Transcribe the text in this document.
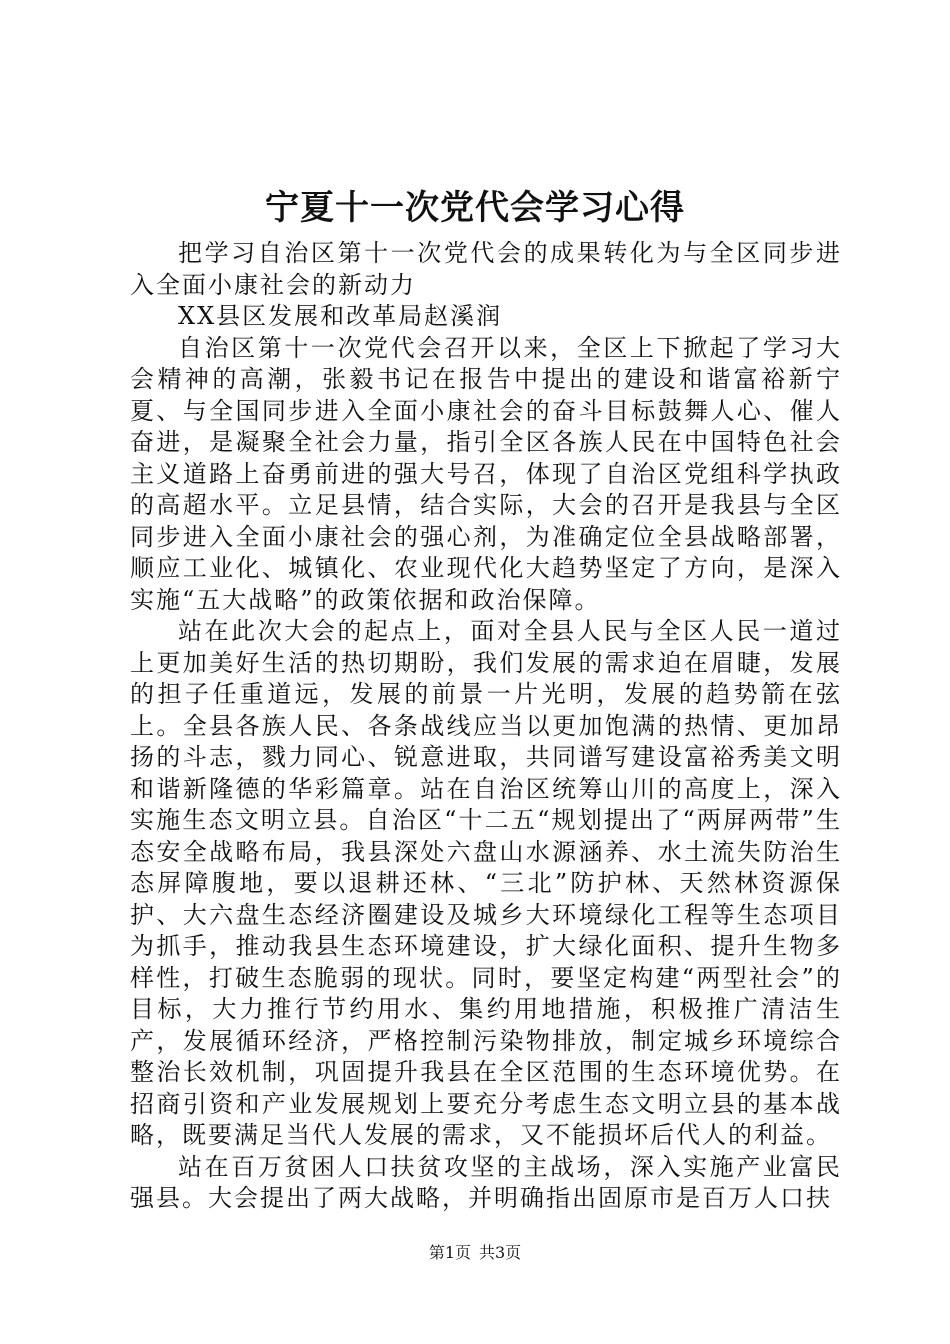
宁夏十一次党代会学习心得

把学习自治区第十一次党代会的成果转化为与全区同步进入全面小康社会的新动力

XX县区发展和改革局赵溪润

自治区第十一次党代会召开以来，全区上下掀起了学习大会精神的高潮，张毅书记在报告中提出的建设和谐富裕新宁夏、与全国同步进入全面小康社会的奋斗目标鼓舞人心、催人奋进，是凝聚全社会力量，指引全区各族人民在中国特色社会主义道路上奋勇前进的强大号召，体现了自治区党组科学执政的高超水平。立足县情，结合实际，大会的召开是我县与全区同步进入全面小康社会的强心剂，为准确定位全县战略部署，顺应工业化、城镇化、农业现代化大趋势坚定了方向，是深入实施“五大战略”的政策依据和政治保障。

站在此次大会的起点上，面对全县人民与全区人民一道过上更加美好生活的热切期盼，我们发展的需求迫在眉睫，发展的担子任重道远，发展的前景一片光明，发展的趋势箭在弦上。全县各族人民、各条战线应当以更加饱满的热情、更加昂扬的斗志，戮力同心、锐意进取，共同谱写建设富裕秀美文明和谐新隆德的华彩篇章。站在自治区统筹山川的高度上，深入实施生态文明立县。自治区“十二五“规划提出了“两屏两带”生态安全战略布局，我县深处六盘山水源涵养、水土流失防治生态屏障腹地，要以退耕还林、“三北”防护林、天然林资源保护、大六盘生态经济圈建设及城乡大环境绿化工程等生态项目为抓手，推动我县生态环境建设，扩大绿化面积、提升生物多样性，打破生态脆弱的现状。同时，要坚定构建“两型社会”的目标，大力推行节约用水、集约用地措施，积极推广清洁生产，发展循环经济，严格控制污染物排放，制定城乡环境综合整治长效机制，巩固提升我县在全区范围的生态环境优势。在招商引资和产业发展规划上要充分考虑生态文明立县的基本战略，既要满足当代人发展的需求，又不能损坏后代人的利益。

站在百万贫困人口扶贫攻坚的主战场，深入实施产业富民强县。大会提出了两大战略，并明确指出固原市是百万人口扶

第1页 共3页
